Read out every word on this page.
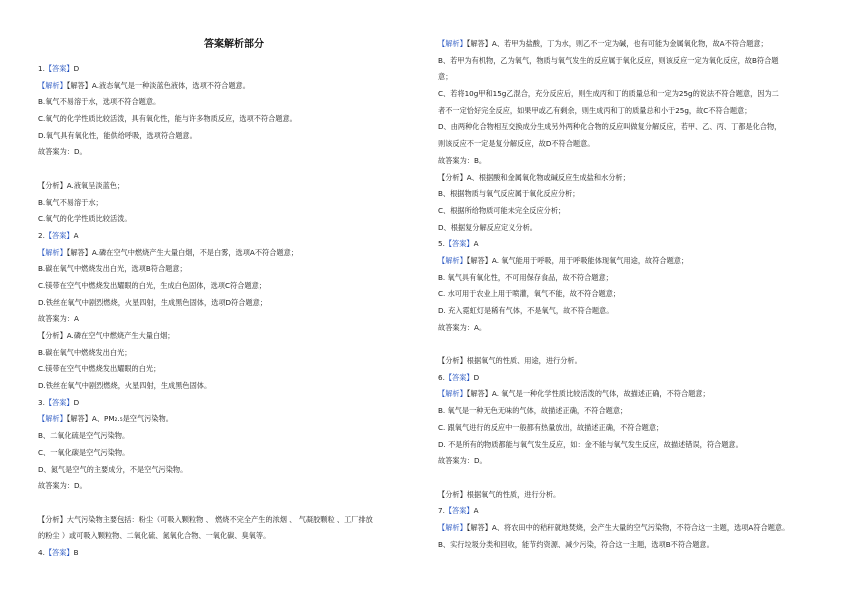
答案解析部分
1.【答案】D
【解析】【解答】A.液态氧气是一种淡蓝色液体，选项不符合题意。
B.氧气不易溶于水，选项不符合题意。
C.氧气的化学性质比较活泼，具有氧化性，能与许多物质反应，选项不符合题意。
D.氧气具有氧化性，能供给呼吸，选项符合题意。
故答案为：D。
【分析】A.液氧呈淡蓝色；
B.氧气不易溶于水；
C.氧气的化学性质比较活泼。
2.【答案】A
【解析】【解答】A.磷在空气中燃烧产生大量白烟，不是白雾，选项A不符合题意；
B.碳在氧气中燃烧发出白光，选项B符合题意；
C.镁带在空气中燃烧发出耀眼的白光，生成白色固体，选项C符合题意；
D.铁丝在氧气中剧烈燃烧，火星四射，生成黑色固体，选项D符合题意；
故答案为：A
【分析】A.磷在空气中燃烧产生大量白烟；
B.碳在氧气中燃烧发出白光；
C.镁带在空气中燃烧发出耀眼的白光；
D.铁丝在氧气中剧烈燃烧，火星四射，生成黑色固体。
3.【答案】D
【解析】【解答】A、PM₂.₅是空气污染物。
B、二氧化硫是空气污染物。
C、一氧化碳是空气污染物。
D、氮气是空气的主要成分，不是空气污染物。
故答案为：D。
【分析】大气污染物主要包括：粉尘（可吸入颗粒物 、 燃烧不完全产生的浓烟 、 气凝胶颗粒 、工厂排放
的粉尘 ）或可吸入颗粒物、二氧化硫、氮氧化合物、一氧化碳、臭氧等。
4.【答案】B
【解析】【解答】A、若甲为盐酸，丁为水，则乙不一定为碱，也有可能为金属氧化物，故A不符合题意；
B、若甲为有机物，乙为氧气，物质与氧气发生的反应属于氧化反应，则该反应一定为氧化反应，故B符合题
意；
C、若将10g甲和15g乙混合，充分反应后，则生成丙和丁的质量总和一定为25g的说法不符合题意，因为二
者不一定恰好完全反应，如果甲或乙有剩余，则生成丙和丁的质量总和小于25g，故C不符合题意；
D、由两种化合物相互交换成分生成另外两种化合物的反应叫做复分解反应，若甲、乙、丙、丁都是化合物，
则该反应不一定是复分解反应，故D不符合题意。
故答案为：B。
【分析】A、根据酸和金属氧化物或碱反应生成盐和水分析；
B、根据物质与氧气反应属于氧化反应分析；
C、根据所给物质可能未完全反应分析；
D、根据复分解反应定义分析。
5.【答案】A
【解析】【解答】A. 氧气能用于呼吸，用于呼吸能体现氧气用途，故符合题意；
B. 氧气具有氧化性，不可用保存食品，故不符合题意；
C. 水可用于农业上用于喷灌，氧气不能，故不符合题意；
D. 充入霓虹灯是稀有气体，不是氧气，故不符合题意。
故答案为：A。
【分析】根据氧气的性质、用途，进行分析。
6.【答案】D
【解析】【解答】A. 氧气是一种化学性质比较活泼的气体，故描述正确，不符合题意；
B. 氧气是一种无色无味的气体，故描述正确，不符合题意；
C. 跟氧气进行的反应中一般都有热量放出，故描述正确，不符合题意；
D. 不是所有的物质都能与氧气发生反应，如：金不能与氧气发生反应，故描述错误，符合题意。
故答案为：D。
【分析】根据氧气的性质，进行分析。
7.【答案】A
【解析】【解答】A、将农田中的秸秆就地焚烧，会产生大量的空气污染物，不符合这一主题，选项A符合题意。
B、实行垃圾分类和回收，能节约资源、减少污染，符合这一主题，选项B不符合题意。
